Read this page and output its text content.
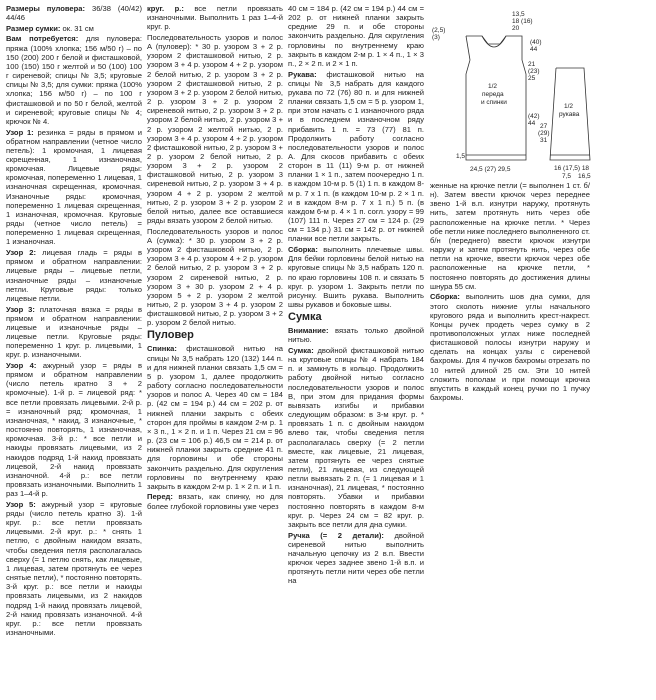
1/2 переда и спинки
1/2 рукава
13,5
18 (16)
20
(40)
44
(2,5)
(3)
21
(23)
25
(42)
44 27
(29)
31
1,5
24,5 (27) 29,5	16 (17,5) 18
7,5 16,5

Размеры пуловера: 36/38 (40/42) 44/46

Размер сумки: ок. 31 см

Вам потребуется: для пуловера: пряжа (100% хлопка; 156 м/50 г) – по 150 (200) 200 г белой и фисташковой, 100 (150) 150 г желтой и 50 (100) 100 г сиреневой; спицы № 3,5; круговые спицы № 3,5; для сумки: пряжа (100% хлопка; 156 м/50 г) – по 100 г фисташковой и по 50 г белой, желтой и сиреневой; круговые спицы № 4; крючок № 4.

Узор 1: резинка = ряды в прямом и обратном направлении (четное число петель): 1 кромочная, 1 лицевая скрещенная, 1 изнаночная, кромочная. Лицевые ряды: кромочная, попеременно 1 лицевая, 1 изнаночная скрещенная, кромочная. Изнаночные ряды: кромочная, попеременно 1 лицевая скрещенная, 1 изнаночная, кромочная. Круговые ряды (четное число петель) = попеременно 1 лицевая скрещенная, 1 изнаночная.

Узор 2: лицевая гладь = ряды в прямом и обратном направлении: лицевые ряды – лицевые петли, изнаночные ряды – изнаночные петли. Круговые ряды: только лицевые петли.

Узор 3: платочная вязка = ряды в прямом и обратном направлении: лицевые и изнаночные ряды – лицевые петли. Круговые ряды: попеременно 1 круг. р. лицевыми, 1 круг. р. изнаночными.

Узор 4: ажурный узор = ряды в прямом и обратном направлении (число петель кратно 3 + 2 кромочные). 1-й р. = лицевой ряд: * все петли провязать лицевыми. 2-й р. = изнаночный ряд: кромочная, 1 изнаночная, * накид, 3 изнаночные, * постоянно повторять, 1 изнаночная, кромочная. 3-й р.: * все петли и накиды провязать лицевыми, из 2 накидов подряд 1-й накид провязать лицевой, 2-й накид провязать изнаночной. 4-й р.: все петли провязать изнаночными. Выполнить 1 раз 1–4-й р.

Узор 5: ажурный узор = круговые ряды (число петель кратно 3). 1-й круг. р.: все петли провязать лицевыми. 2-й круг. р.: * снять 1 петлю, с двойным накидом вязать, чтобы сведения петля располагалась сверху (= 1 петлю снять, как лицевые, 1 лицевая, затем протянуть ее через снятые петли), * постоянно повторять. 3-й круг. р.: все петли и накиды провязать лицевыми, из 2 накидов подряд 1-й накид провязать лицевой, 2-й накид провязать изнаночной. 4-й круг. р.: все петли провязать изнаночными.

круг. р.: все петли провязать изнаночными. Выполнить 1 раз 1–4-й круг. р.

Последовательность узоров и полос А (пуловер): * 30 р. узором 3 + 2 р. узором 2 фисташковой нитью, 2 р. узором 3 + 4 р. узором 4 + 2 р. узором 2 белой нитью, 2 р. узором 3 + 2 р. узором 2 фисташковой нитью, 2 р. узором 3 + 2 р. узором 2 белой нитью, 2 р. узором 3 + 2 р. узором 2 сиреневой нитью, 2 р. узором 3 + 2 р. узором 2 белой нитью, 2 р. узором 3 + 2 р. узором 2 желтой нитью, 2 р. узором 3 + 4 р. узором 4 + 2 р. узором 2 фисташковой нитью, 2 р. узором 3 + 2 р. узором 2 белой нитью, 2 р. узором 3 + 2 р. узором 2 фисташковой нитью, 2 р. узором 3 сиреневой нитью, 2 р. узором 3 + 4 р. узором 4 + 2 р. узором 2 желтой нитью, 2 р. узором 3 + 2 р. узором 2 белой нитью, далее все оставшиеся ряды вязать узором 2 белой нитью.

Последовательность узоров и полос А (сумка): * 30 р. узором 3 + 2 р. узором 2 фисташковой нитью, 2 р. узором 3 + 4 р. узором 4 + 2 р. узором 2 белой нитью, 2 р. узором 3 + 2 р. узором 2 сиреневой нитью, 2 р. узором 3 + 30 р. узором 2 + 4 р. узором 5 + 2 р. узором 2 желтой нитью, 2 р. узором 3 + 4 р. узором 2 фисташковой нитью, 2 р. узором 3 + 2 р. узором 2 белой нитью.

Пуловер

Спинка: фисташковой нитью на спицы № 3,5 набрать 120 (132) 144 п. и для нижней планки связать 1,5 см = 5 р. узором 1, далее продолжить работу согласно последовательности узоров и полос А. Через 40 см = 184 р. (42 см = 194 р.) 44 см = 202 р. от нижней планки закрыть с обеих сторон для проймы в каждом 2-м р. 1 × 3 п., 1 × 2 п. и 1 п. Через 21 см = 96 р. (23 см = 106 р.) 46,5 см = 214 р. от нижней планки закрыть средние 41 п. для горловины и обе стороны закончить раздельно. Для скругления горловины по внутреннему краю закрыть в каждом 2-м р. 1 × 2 п. и 1 п.

Перед: вязать, как спинку, но для более глубокой горловины уже через

40 см = 184 р. (42 см = 194 р.) 44 см = 202 р. от нижней планки закрыть средние 29 п. и обе стороны закончить раздельно. Для скругления горловины по внутреннему краю закрыть в каждом 2-м р. 1 × 4 п., 1 × 3 п., 2 × 2 п. и 2 × 1 п.

Рукава: фисташковой нитью на спицы № 3,5 набрать для каждого рукава по 72 (76) 80 п. и для нижней планки связать 1,5 см = 5 р. узором 1, при этом начать с 1 изнаночного ряда и в последнем изнаночном ряду прибавить 1 п. = 73 (77) 81 п. Продолжить работу согласно последовательности узоров и полос А. Для скосов прибавить с обеих сторон в 11 (11) 9-м р. от нижней планки 1 × 1 п., затем поочередно 1 п. в каждом 10-м р. 5 (1) 1 п. в каждом 8-м р. 7 х 1 п. (в каждом 10-м р. 2 × 1 п. и в каждом 8-м р. 7 х 1 п.) 5 п. (в каждом 6-м р. 4 × 1 п. согл. узору = 99 (107) 111 п. Через 27 см = 124 р. (29 см = 134 р.) 31 см = 142 р. от нижней планки все петли закрыть.

Сборка: выполнить плечевые швы. Для бейки горловины белой нитью на круговые спицы № 3,5 набрать 120 п. по краю горловины 108 п. и связать 5 круг. р. узором 1. Закрыть петли по рисунку. Вшить рукава. Выполнить швы рукавов и боковые швы.

Сумка

Внимание: вязать только двойной нитью.

Сумка: двойной фисташковой нитью на круговые спицы № 4 набрать 184 п. и замкнуть в кольцо. Продолжить работу двойной нитью согласно последовательности узоров и полос В, при этом для придания формы вывязать изгибы и прибавки следующим образом: в 3-м круг. р. * провязать 1 п. с двойным накидом влево так, чтобы сведения петля располагалась сверху (= 2 петли вместе, как лицевые, 21 лицевая, затем протянуть ее через снятые петли), 21 лицевая, из следующей петли вывязать 2 п. (= 1 лицевая и 1 изнаночная), 21 лицевая, * постоянно повторять. Убавки и прибавки постоянно повторять в каждом 8-м круг. р. Через 24 см = 82 круг. р. закрыть все петли для дна сумки.

Ручка (= 2 детали): двойной сиреневой нитью выполнить начальную цепочку из 2 в.п. Ввести крючок через заднее звено 1-й в.п. и протянуть петли нити через обе петли на

женные на крючке петли (= выполнен 1 ст. б/н). Затем ввести крючок через переднее звено 1-й в.п. изнутри наружу, протянуть нить, затем протянуть нить через обе расположенные на крючке петли. * Через обе петли ниже последнего выполненного ст. б/н (переднего) ввести крючок изнутри наружу и затем протянуть нить, через обе петли на крючке, ввести крючок через обе расположенные на крючке петли, * постоянно повторять до достижения длины шнура 55 см.

Сборка: выполнить шов дна сумки, для этого сколоть нижние углы начального кругового ряда и выполнить крест-накрест. Концы ручек продеть через сумку в 2 противоположных углах ниже последней фисташковой полосы изнутри наружу и сделать на концах узлы с сиреневой бахромы. Для 4 пучков бахромы отрезать по 10 нитей длиной 25 см. Эти 10 нитей сложить пополам и при помощи крючка впустить в каждый конец ручки по 1 пучку бахромы.
